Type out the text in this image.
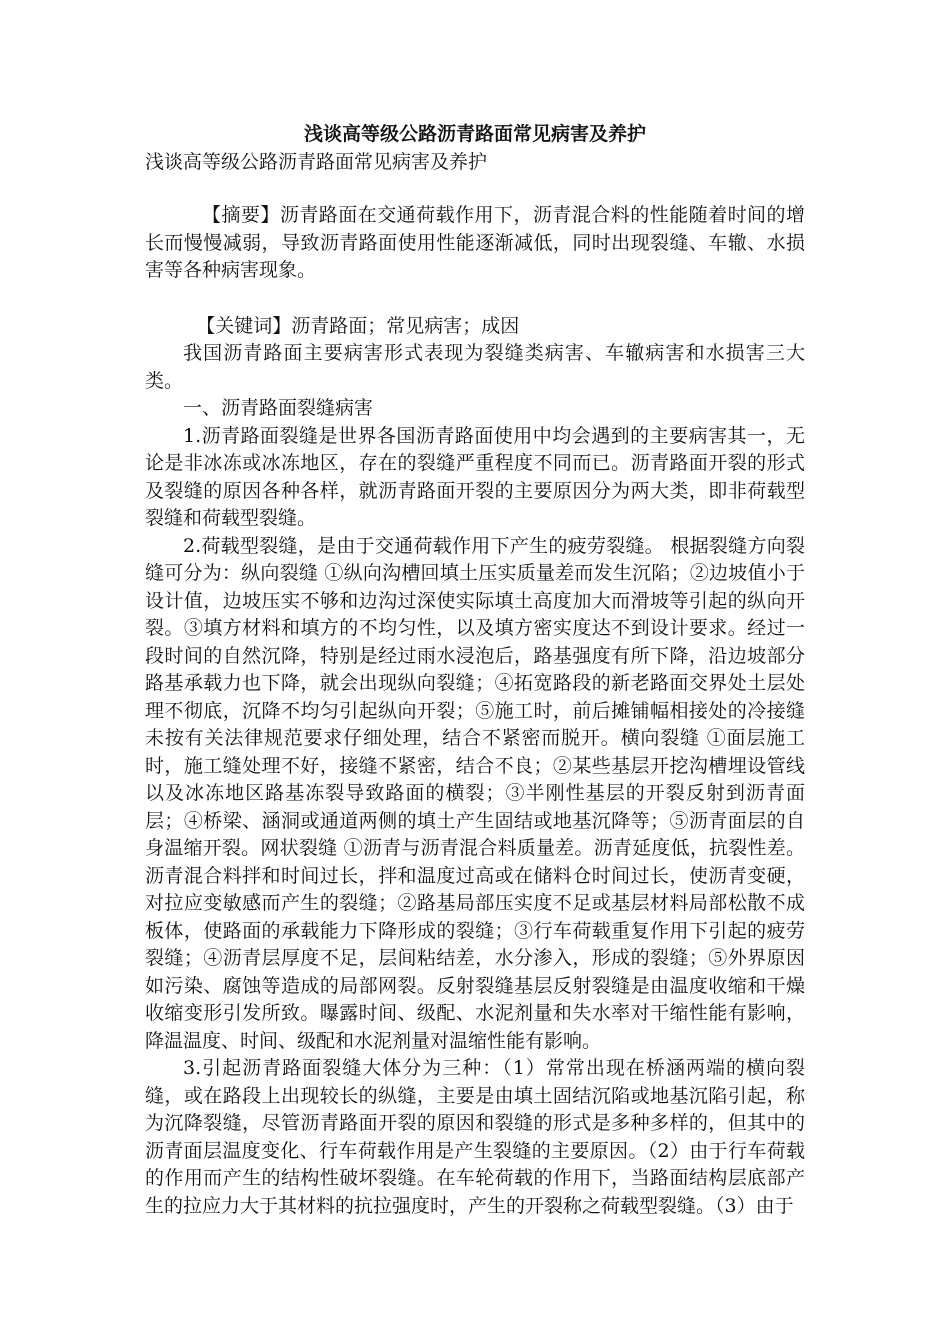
浅谈高等级公路沥青路面常见病害及养护

浅谈高等级公路沥青路面常见病害及养护

【摘要】沥青路面在交通荷载作用下，沥青混合料的性能随着时间的增长而慢慢减弱，导致沥青路面使用性能逐渐减低，同时出现裂缝、车辙、水损害等各种病害现象。

【关键词】沥青路面；常见病害；成因

我国沥青路面主要病害形式表现为裂缝类病害、车辙病害和水损害三大类。

一、沥青路面裂缝病害

1.沥青路面裂缝是世界各国沥青路面使用中均会遇到的主要病害其一，无论是非冰冻或冰冻地区，存在的裂缝严重程度不同而已。沥青路面开裂的形式及裂缝的原因各种各样，就沥青路面开裂的主要原因分为两大类，即非荷载型裂缝和荷载型裂缝。

2.荷载型裂缝，是由于交通荷载作用下产生的疲劳裂缝。 根据裂缝方向裂缝可分为：纵向裂缝 ①纵向沟槽回填土压实质量差而发生沉陷；②边坡值小于设计值，边坡压实不够和边沟过深使实际填土高度加大而滑坡等引起的纵向开裂。③填方材料和填方的不均匀性，以及填方密实度达不到设计要求。经过一段时间的自然沉降，特别是经过雨水浸泡后，路基强度有所下降，沿边坡部分路基承载力也下降，就会出现纵向裂缝；④拓宽路段的新老路面交界处土层处理不彻底，沉降不均匀引起纵向开裂；⑤施工时，前后摊铺幅相接处的冷接缝未按有关法律规范要求仔细处理，结合不紧密而脱开。横向裂缝 ①面层施工时，施工缝处理不好，接缝不紧密，结合不良；②某些基层开挖沟槽埋设管线以及冰冻地区路基冻裂导致路面的横裂；③半刚性基层的开裂反射到沥青面层；④桥梁、涵洞或通道两侧的填土产生固结或地基沉降等；⑤沥青面层的自身温缩开裂。网状裂缝 ①沥青与沥青混合料质量差。沥青延度低，抗裂性差。沥青混合料拌和时间过长，拌和温度过高或在储料仓时间过长，使沥青变硬，对拉应变敏感而产生的裂缝；②路基局部压实度不足或基层材料局部松散不成板体，使路面的承载能力下降形成的裂缝；③行车荷载重复作用下引起的疲劳裂缝；④沥青层厚度不足，层间粘结差，水分渗入，形成的裂缝；⑤外界原因如污染、腐蚀等造成的局部网裂。反射裂缝基层反射裂缝是由温度收缩和干燥收缩变形引发所致。曝露时间、级配、水泥剂量和失水率对干缩性能有影响，降温温度、时间、级配和水泥剂量对温缩性能有影响。

3.引起沥青路面裂缝大体分为三种：（1）常常出现在桥涵两端的横向裂缝，或在路段上出现较长的纵缝，主要是由填土固结沉陷或地基沉陷引起，称为沉降裂缝，尽管沥青路面开裂的原因和裂缝的形式是多种多样的，但其中的沥青面层温度变化、行车荷载作用是产生裂缝的主要原因。（2）由于行车荷载的作用而产生的结构性破坏裂缝。在车轮荷载的作用下，当路面结构层底部产生的拉应力大于其材料的抗拉强度时，产生的开裂称之荷载型裂缝。（3）由于
